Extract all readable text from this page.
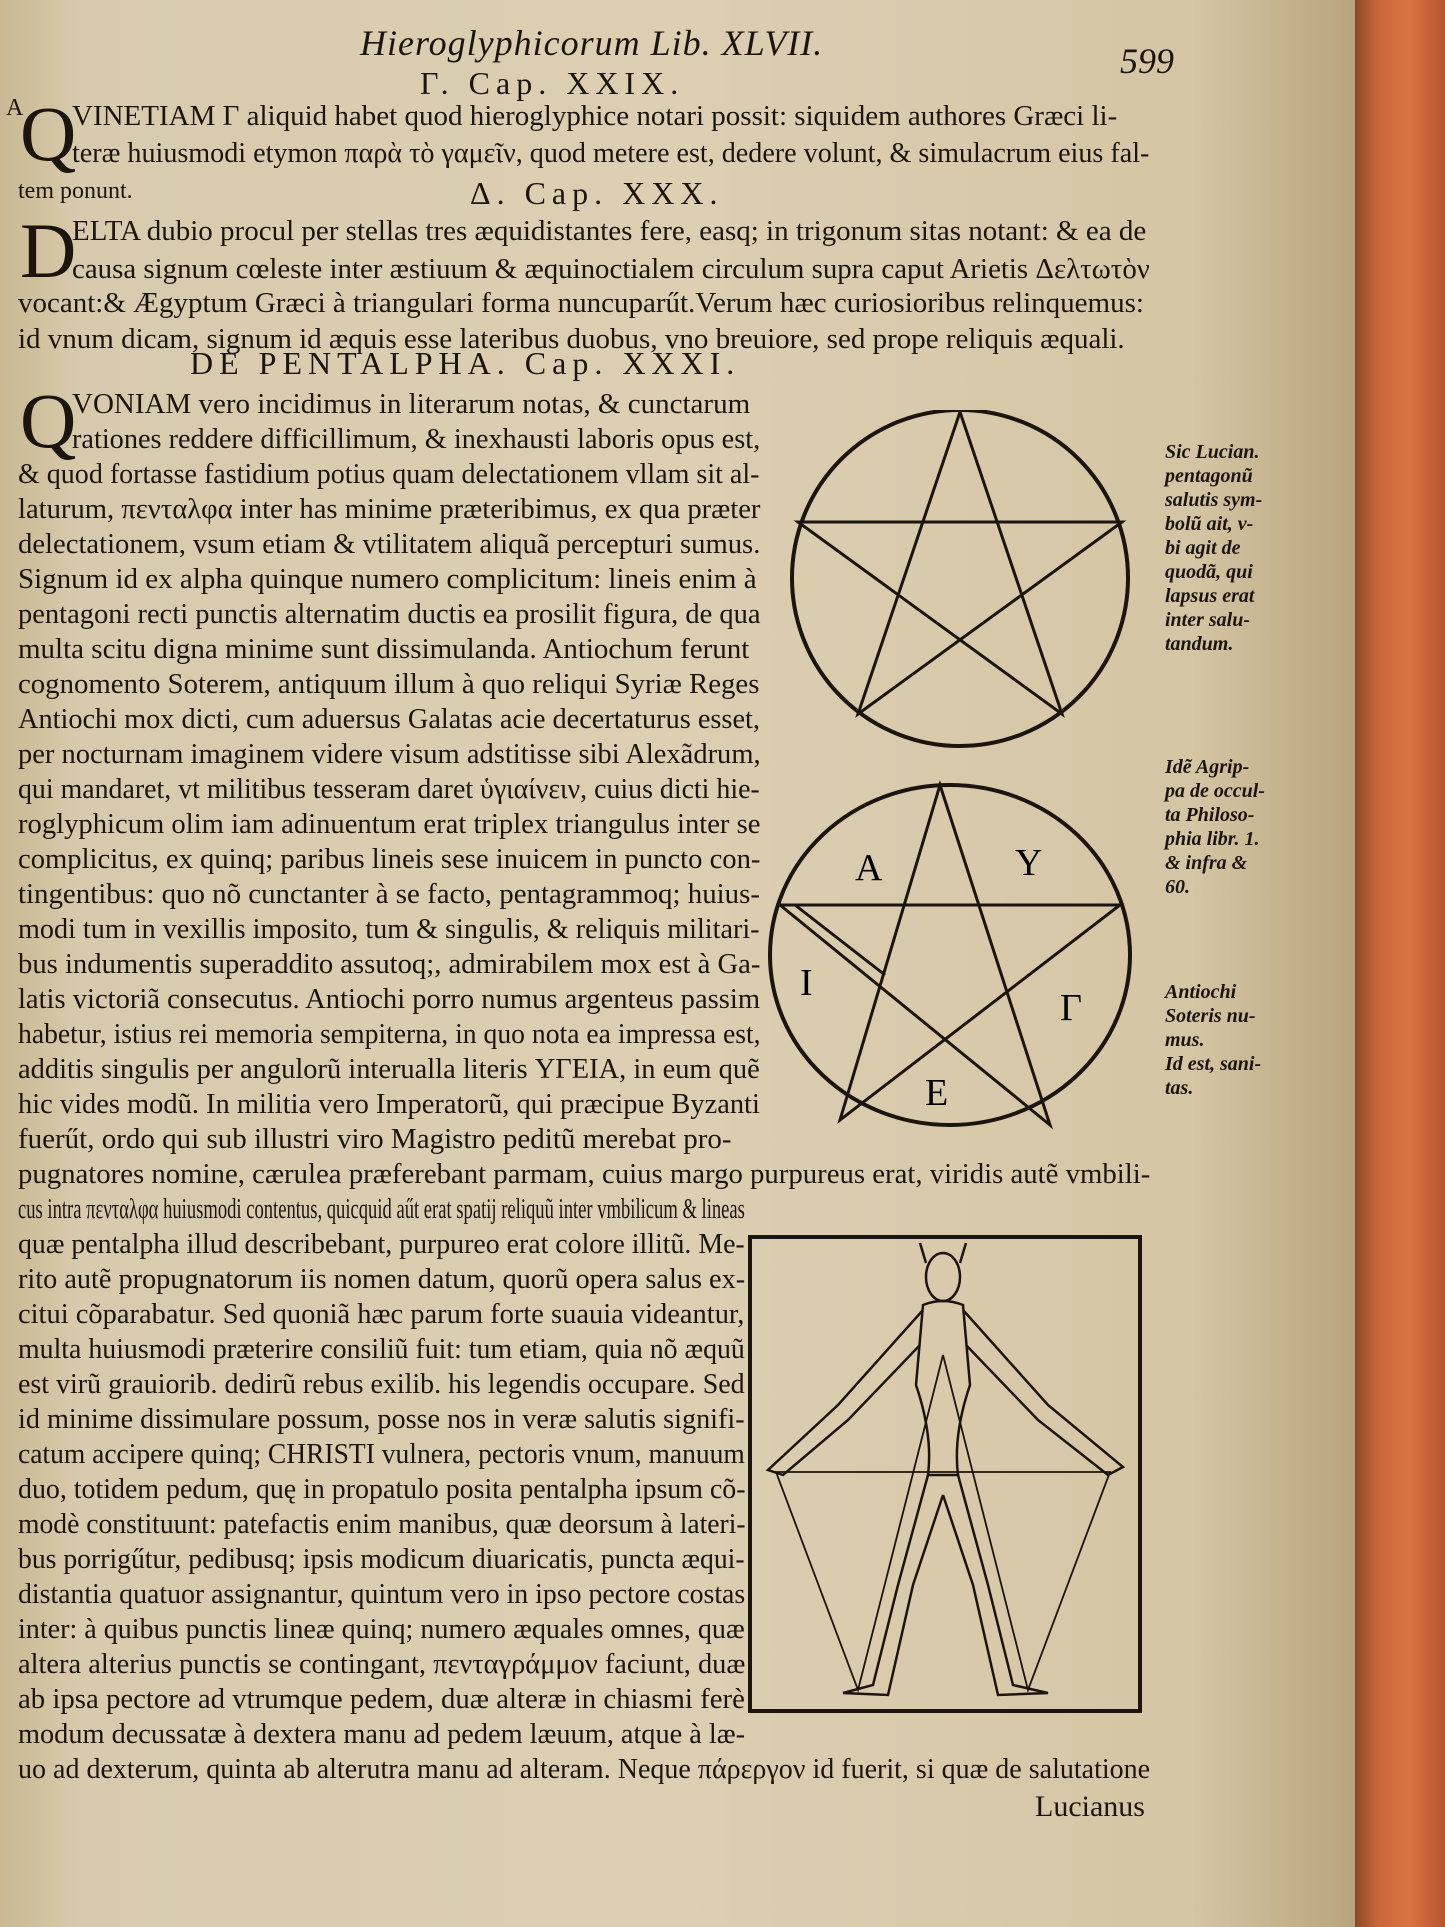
Hieroglyphicorum Lib. XLVII.	599
A
Γ. Cap. XXIX.
Δ. Cap. XXX.
DE PENTALPHA. Cap. XXXI.
Q
D
Q
VINETIAM Γ aliquid habet quod hieroglyphice notari possit: siquidem authores Græci li-
teræ huiusmodi etymon παρὰ τὸ γαμεῖν, quod metere est, dedere volunt, & simulacrum eius fal-
tem ponunt.
ELTA dubio procul per stellas tres æquidistantes fere, easq; in trigonum sitas notant: & ea de
causa signum cœleste inter æstiuum & æquinoctialem circulum supra caput Arietis Δελτωτὸν
vocant:& Ægyptum Græci à triangulari forma nuncuparűt.Verum hæc curiosioribus relinquemus:
id vnum dicam, signum id æquis esse lateribus duobus, vno breuiore, sed prope reliquis æquali.
VONIAM vero incidimus in literarum notas, & cunctarum
rationes reddere difficillimum, & inexhausti laboris opus est,
& quod fortasse fastidium potius quam delectationem vllam sit al-
laturum, πενταλφα inter has minime præteribimus, ex qua præter
delectationem, vsum etiam & vtilitatem aliquã percepturi sumus.
Signum id ex alpha quinque numero complicitum: lineis enim à
pentagoni recti punctis alternatim ductis ea prosilit figura, de qua
multa scitu digna minime sunt dissimulanda. Antiochum ferunt
cognomento Soterem, antiquum illum à quo reliqui Syriæ Reges
Antiochi mox dicti, cum aduersus Galatas acie decertaturus esset,
per nocturnam imaginem videre visum adstitisse sibi Alexãdrum,
qui mandaret, vt militibus tesseram daret ὑγιαίνειν, cuius dicti hie-
roglyphicum olim iam adinuentum erat triplex triangulus inter se
complicitus, ex quinq; paribus lineis sese inuicem in puncto con-
tingentibus: quo nõ cunctanter à se facto, pentagrammoq; huius-
modi tum in vexillis imposito, tum & singulis, & reliquis militari-
bus indumentis superaddito assutoq;, admirabilem mox est à Ga-
latis victoriã consecutus. Antiochi porro numus argenteus passim
habetur, istius rei memoria sempiterna, in quo nota ea impressa est,
additis singulis per angulorũ interualla literis ΥΓΕΙΑ, in eum quẽ
hic vides modũ. In militia vero Imperatorũ, qui præcipue Byzanti
fuerűt, ordo qui sub illustri viro Magistro peditũ merebat pro-
pugnatores nomine, cærulea præferebant parmam, cuius margo purpureus erat, viridis autẽ vmbili-
cus intra πενταλφα huiusmodi contentus, quicquid aűt erat spatij reliquũ inter vmbilicum & lineas
quæ pentalpha illud describebant, purpureo erat colore illitũ. Me-
rito autẽ propugnatorum iis nomen datum, quorũ opera salus ex-
citui cõparabatur. Sed quoniã hæc parum forte suauia videantur,
multa huiusmodi præterire consiliũ fuit: tum etiam, quia nõ æquũ
est virũ grauiorib. dedirũ rebus exilib. his legendis occupare. Sed
id minime dissimulare possum, posse nos in veræ salutis signifi-
catum accipere quinq; CHRISTI vulnera, pectoris vnum, manuum
duo, totidem pedum, quę in propatulo posita pentalpha ipsum cõ-
modè constituunt: patefactis enim manibus, quæ deorsum à lateri-
bus porrigűtur, pedibusq; ipsis modicum diuaricatis, puncta æqui-
distantia quatuor assignantur, quintum vero in ipso pectore costas
inter: à quibus punctis lineæ quinq; numero æquales omnes, quæ
altera alterius punctis se contingant, πενταγράμμον faciunt, duæ
ab ipsa pectore ad vtrumque pedem, duæ alteræ in chiasmi ferè
modum decussatæ à dextera manu ad pedem læuum, atque à læ-
uo ad dexterum, quinta ab alterutra manu ad alteram. Neque πάρεργον id fuerit, si quæ de salutatione
Lucianus
Sic Lucian.
pentagonũ
salutis sym-
bolũ ait, v-
bi agit de
quodã, qui
lapsus erat
inter salu-
tandum.
Idẽ Agrip-
pa de occul-
ta Philoso-
phia libr. 1.
& infra &
60.
Antiochi
Soteris nu-
mus.
Id est, sani-
tas.
Α	Υ
Γ
Ε
Ι
